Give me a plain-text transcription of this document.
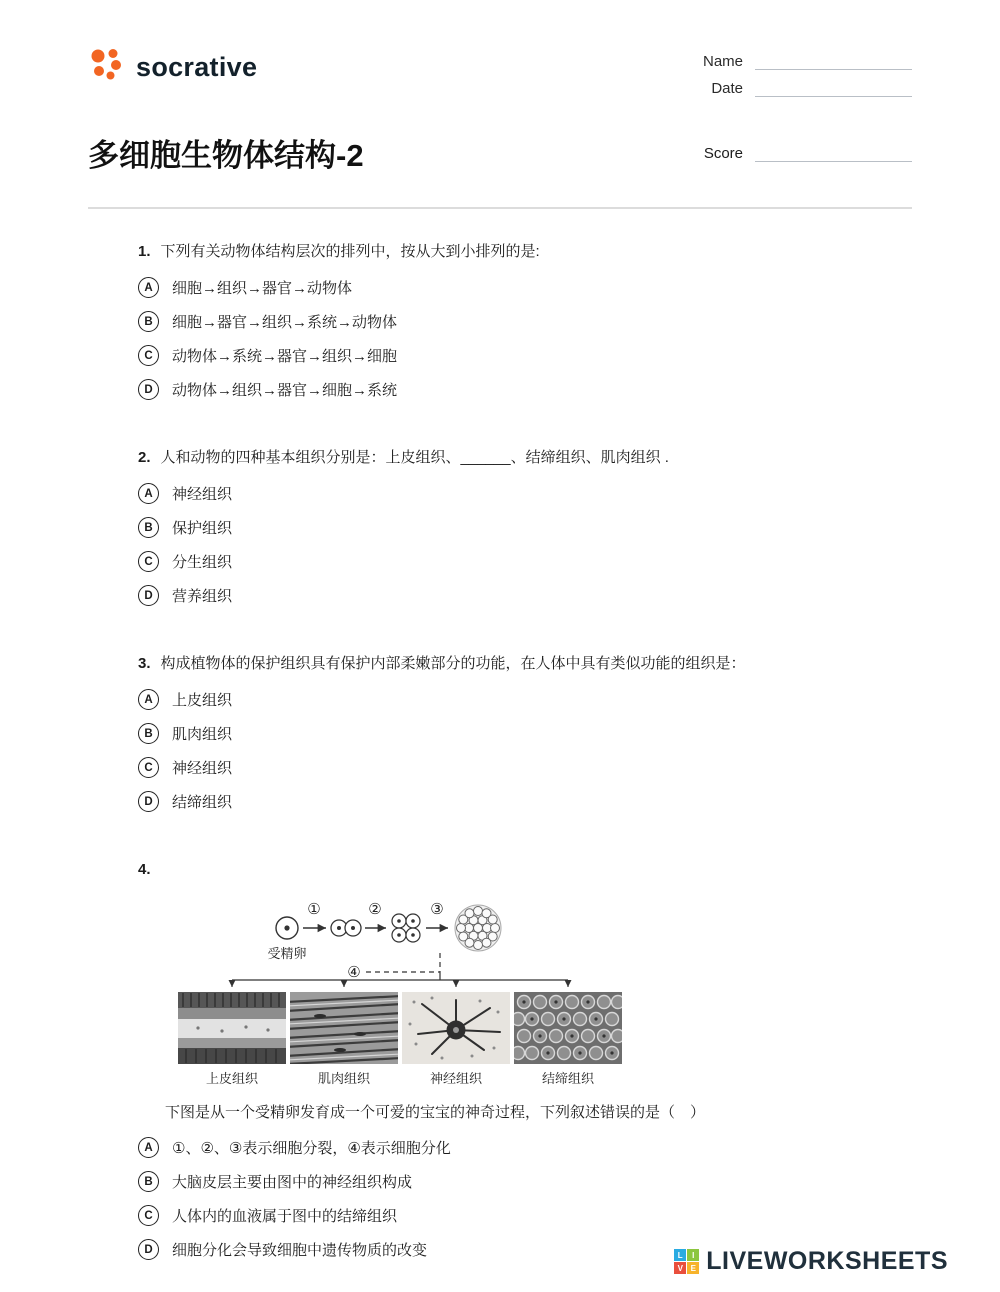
socrative	Name
Date
多细胞生物体结构-2	Score
1. 下列有关动物体结构层次的排列中，按从大到小排列的是:
A	细胞→组织→器官→动物体
B	细胞→器官→组织→系统→动物体
C	动物体→系统→器官→组织→细胞
D	动物体→组织→器官→细胞→系统
2. 人和动物的四种基本组织分别是：上皮组织、______、结缔组织、肌肉组织 .
A	神经组织
B	保护组织
C	分生组织
D	营养组织
3. 构成植物体的保护组织具有保护内部柔嫩部分的功能，在人体中具有类似功能的组织是：
A	上皮组织
B	肌肉组织
C	神经组织
D	结缔组织
4.
受精卵
①	②	③
④
上皮组织	肌肉组织	神经组织	结缔组织

下图是从一个受精卵发育成一个可爱的宝宝的神奇过程，下列叙述错误的是（　）

A	①、②、③表示细胞分裂，④表示细胞分化
B	大脑皮层主要由图中的神经组织构成
C	人体内的血液属于图中的结缔组织
D	细胞分化会导致细胞中遗传物质的改变	L	I
V E LIVEWORKSHEETS
